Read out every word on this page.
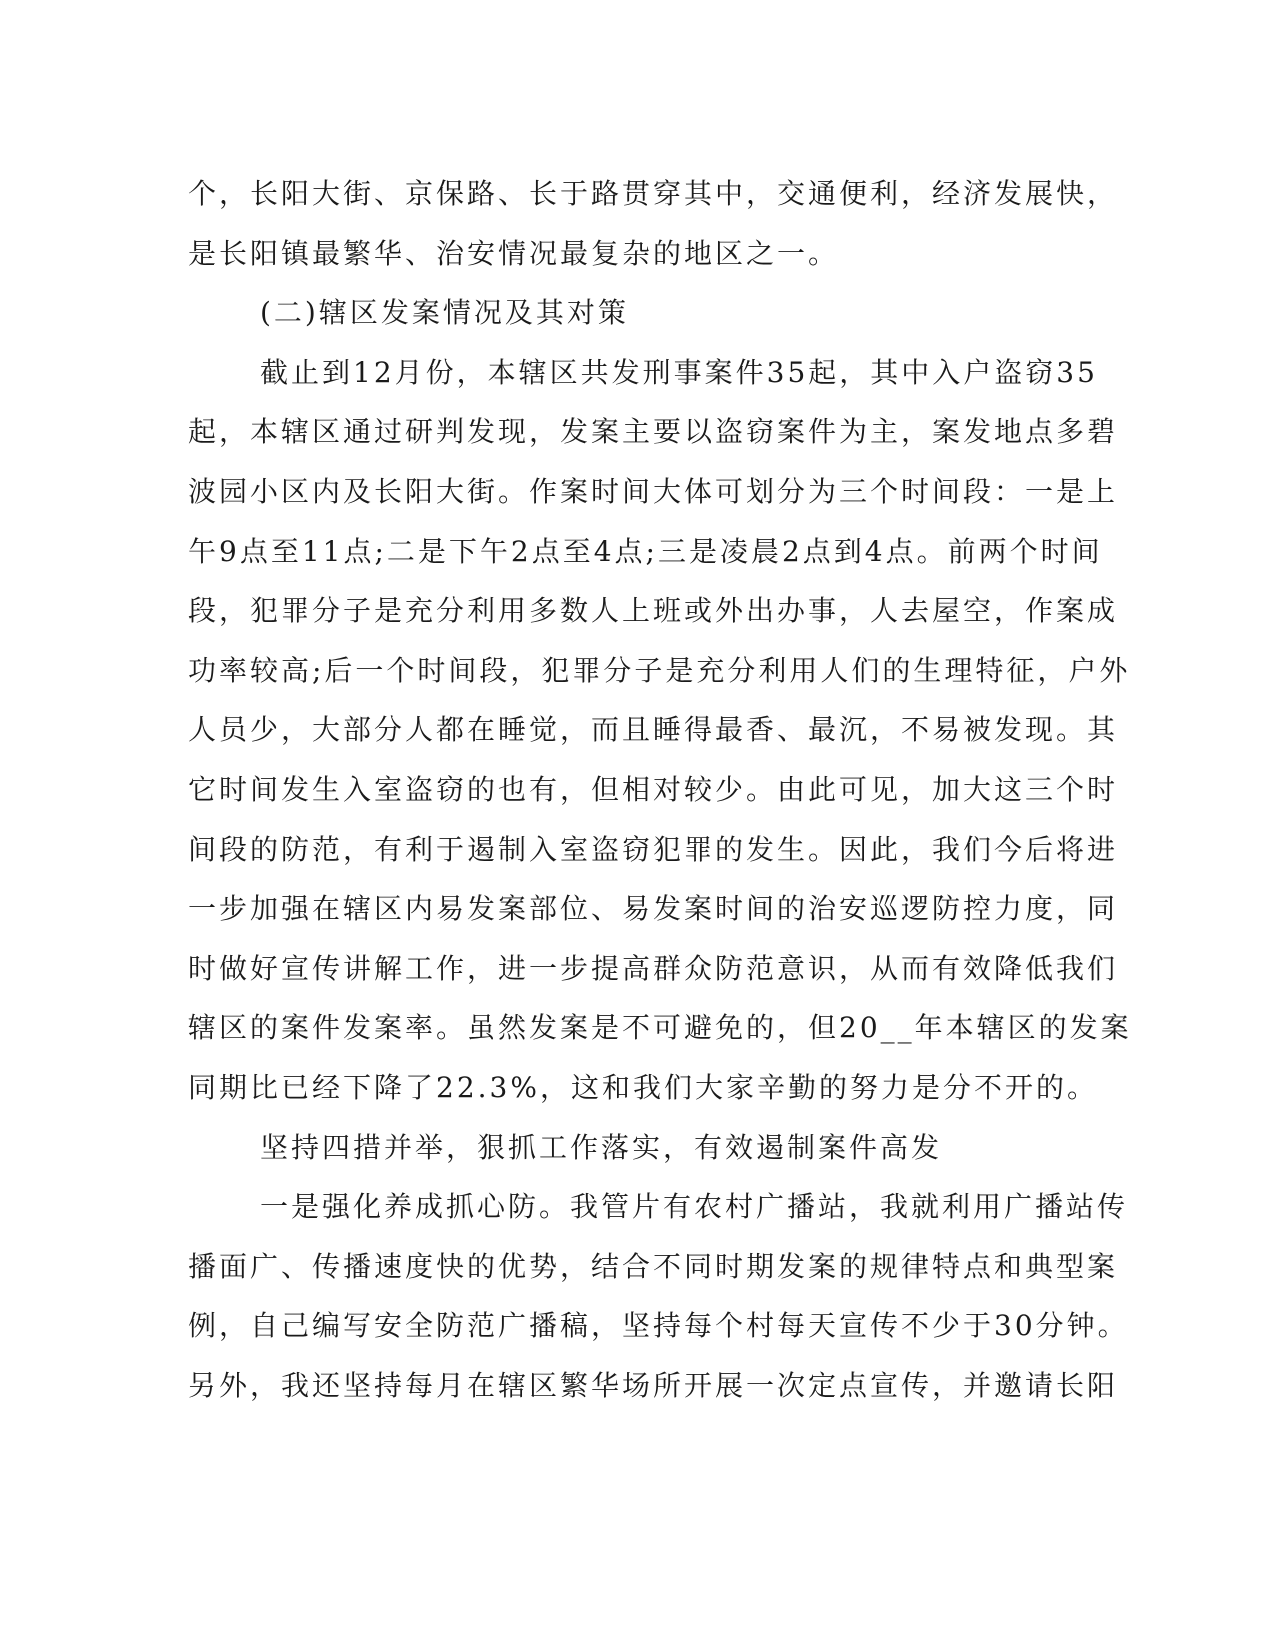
个，长阳大街、京保路、长于路贯穿其中，交通便利，经济发展快，
是长阳镇最繁华、治安情况最复杂的地区之一。
(二)辖区发案情况及其对策
截止到12月份，本辖区共发刑事案件35起，其中入户盗窃35
起，本辖区通过研判发现，发案主要以盗窃案件为主，案发地点多碧
波园小区内及长阳大街。作案时间大体可划分为三个时间段：一是上
午9点至11点;二是下午2点至4点;三是凌晨2点到4点。前两个时间
段，犯罪分子是充分利用多数人上班或外出办事，人去屋空，作案成
功率较高;后一个时间段，犯罪分子是充分利用人们的生理特征，户外
人员少，大部分人都在睡觉，而且睡得最香、最沉，不易被发现。其
它时间发生入室盗窃的也有，但相对较少。由此可见，加大这三个时
间段的防范，有利于遏制入室盗窃犯罪的发生。因此，我们今后将进
一步加强在辖区内易发案部位、易发案时间的治安巡逻防控力度，同
时做好宣传讲解工作，进一步提高群众防范意识，从而有效降低我们
辖区的案件发案率。虽然发案是不可避免的，但20__年本辖区的发案
同期比已经下降了22.3%，这和我们大家辛勤的努力是分不开的。
坚持四措并举，狠抓工作落实，有效遏制案件高发
一是强化养成抓心防。我管片有农村广播站，我就利用广播站传
播面广、传播速度快的优势，结合不同时期发案的规律特点和典型案
例，自己编写安全防范广播稿，坚持每个村每天宣传不少于30分钟。
另外，我还坚持每月在辖区繁华场所开展一次定点宣传，并邀请长阳
